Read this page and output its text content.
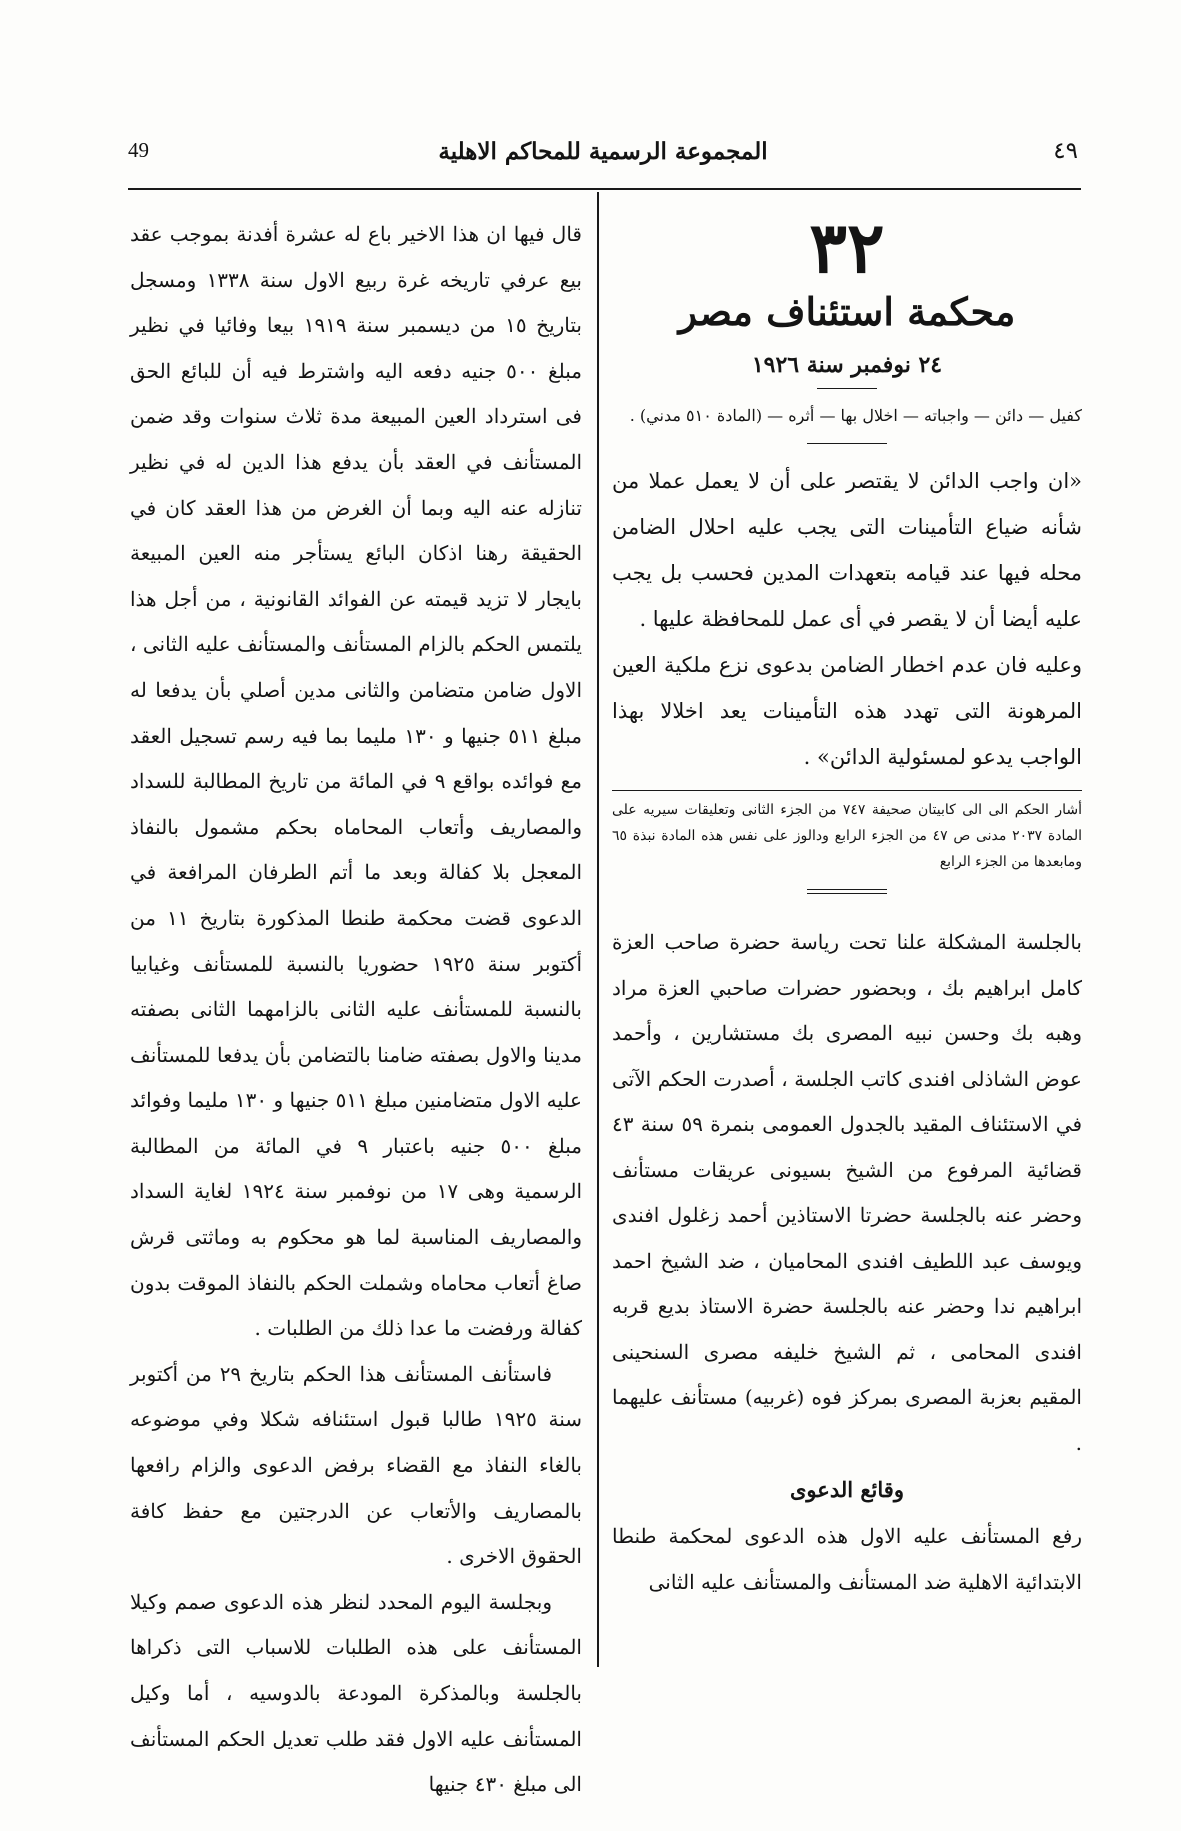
49	المجموعة الرسمية للمحاكم الاهلية	٤٩
٣٢
محكمة استئناف مصر
٢٤ نوفمبر سنة ١٩٢٦

كفيل — دائن — واجباته — اخلال بها — أثره — (المادة ٥١٠ مدني) .

«ان واجب الدائن لا يقتصر على أن لا يعمل عملا من شأنه ضياع التأمينات التى يجب عليه احلال الضامن محله فيها عند قيامه بتعهدات المدين فحسب بل يجب عليه أيضا أن لا يقصر في أى عمل للمحافظة عليها .
وعليه فان عدم اخطار الضامن بدعوى نزع ملكية العين المرهونة التى تهدد هذه التأمينات يعد اخلالا بهذا الواجب يدعو لمسئولية الدائن» .

أشار الحكم الى الى كابيتان صحيفة ٧٤٧ من الجزء الثانى وتعليقات سيريه على المادة ٢٠٣٧ مدنى ص ٤٧ من الجزء الرابع ودالوز على نفس هذه المادة نبذة ٦٥ ومابعدها من الجزء الرابع

بالجلسة المشكلة علنا تحت رياسة حضرة صاحب العزة كامل ابراهيم بك ، وبحضور حضرات صاحبي العزة مراد وهبه بك وحسن نبيه المصرى بك مستشارين ، وأحمد عوض الشاذلى افندى كاتب الجلسة ، أصدرت الحكم الآتى في الاستئناف المقيد بالجدول العمومى بنمرة ٥٩ سنة ٤٣ قضائية المرفوع من الشيخ بسيونى عريقات مستأنف وحضر عنه بالجلسة حضرتا الاستاذين أحمد زغلول افندى ويوسف عبد اللطيف افندى المحاميان ، ضد الشيخ احمد ابراهيم ندا وحضر عنه بالجلسة حضرة الاستاذ بديع قربه افندى المحامى ، ثم الشيخ خليفه مصرى السنحينى المقيم بعزبة المصرى بمركز فوه (غربيه) مستأنف عليهما .

وقائع الدعوى

رفع المستأنف عليه الاول هذه الدعوى لمحكمة طنطا الابتدائية الاهلية ضد المستأنف والمستأنف عليه الثانى

قال فيها ان هذا الاخير باع له عشرة أفدنة بموجب عقد بيع عرفي تاريخه غرة ربيع الاول سنة ١٣٣٨ ومسجل بتاريخ ١٥ من ديسمبر سنة ١٩١٩ بيعا وفائيا في نظير مبلغ ٥٠٠ جنيه دفعه اليه واشترط فيه أن للبائع الحق فى استرداد العين المبيعة مدة ثلاث سنوات وقد ضمن المستأنف في العقد بأن يدفع هذا الدين له في نظير تنازله عنه اليه وبما أن الغرض من هذا العقد كان في الحقيقة رهنا اذكان البائع يستأجر منه العين المبيعة بايجار لا تزيد قيمته عن الفوائد القانونية ، من أجل هذا يلتمس الحكم بالزام المستأنف والمستأنف عليه الثانى ، الاول ضامن متضامن والثانى مدين أصلي بأن يدفعا له مبلغ ٥١١ جنيها و ١٣٠ مليما بما فيه رسم تسجيل العقد مع فوائده بواقع ٩ في المائة من تاريخ المطالبة للسداد والمصاريف وأتعاب المحاماه بحكم مشمول بالنفاذ المعجل بلا كفالة وبعد ما أتم الطرفان المرافعة في الدعوى قضت محكمة طنطا المذكورة بتاريخ ١١ من أكتوبر سنة ١٩٢٥ حضوريا بالنسبة للمستأنف وغيابيا بالنسبة للمستأنف عليه الثانى بالزامهما الثانى بصفته مدينا والاول بصفته ضامنا بالتضامن بأن يدفعا للمستأنف عليه الاول متضامنين مبلغ ٥١١ جنيها و ١٣٠ مليما وفوائد مبلغ ٥٠٠ جنيه باعتبار ٩ في المائة من المطالبة الرسمية وهى ١٧ من نوفمبر سنة ١٩٢٤ لغاية السداد والمصاريف المناسبة لما هو محكوم به وماثتى قرش صاغ أتعاب محاماه وشملت الحكم بالنفاذ الموقت بدون كفالة ورفضت ما عدا ذلك من الطلبات .

فاستأنف المستأنف هذا الحكم بتاريخ ٢٩ من أكتوبر سنة ١٩٢٥ طالبا قبول استئنافه شكلا وفي موضوعه بالغاء النفاذ مع القضاء برفض الدعوى والزام رافعها بالمصاريف والأتعاب عن الدرجتين مع حفظ كافة الحقوق الاخرى .

وبجلسة اليوم المحدد لنظر هذه الدعوى صمم وكيلا المستأنف على هذه الطلبات للاسباب التى ذكراها بالجلسة وبالمذكرة المودعة بالدوسيه ، أما وكيل المستأنف عليه الاول فقد طلب تعديل الحكم المستأنف الى مبلغ ٤٣٠ جنيها
